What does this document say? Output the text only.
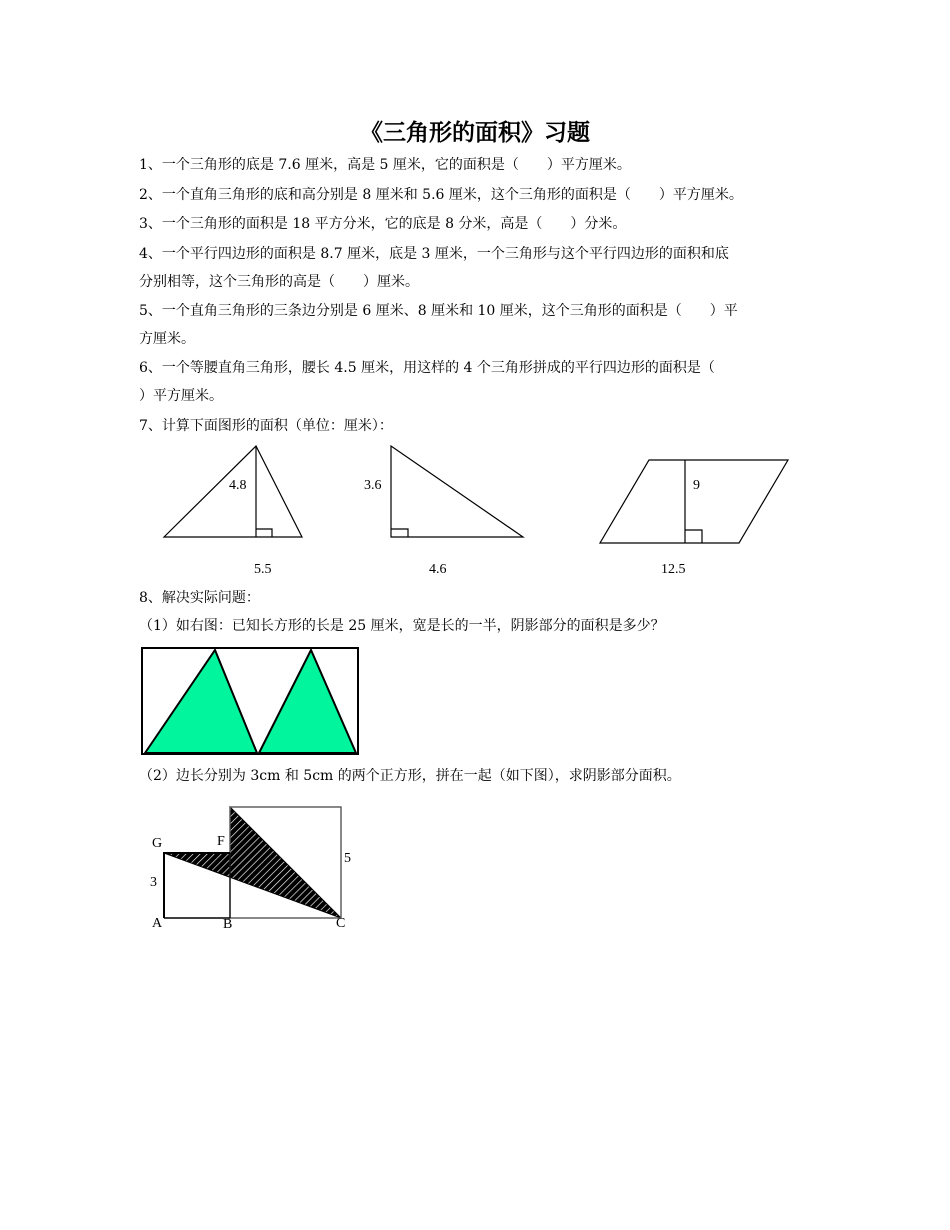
《三角形的面积》习题
1、一个三角形的底是 7.6 厘米，高是 5 厘米，它的面积是（　　）平方厘米。
2、一个直角三角形的底和高分别是 8 厘米和 5.6 厘米，这个三角形的面积是（　　）平方厘米。
3、一个三角形的面积是 18 平方分米，它的底是 8 分米，高是（　　）分米。
4、一个平行四边形的面积是 8.7 厘米，底是 3 厘米，一个三角形与这个平行四边形的面积和底
分别相等，这个三角形的高是（　　）厘米。
5、一个直角三角形的三条边分别是 6 厘米、8 厘米和 10 厘米，这个三角形的面积是（　　）平
方厘米。
6、一个等腰直角三角形，腰长 4.5 厘米，用这样的 4 个三角形拼成的平行四边形的面积是（
）平方厘米。
7、计算下面图形的面积（单位：厘米）：
8、解决实际问题：
（1）如右图：已知长方形的长是 25 厘米，宽是长的一半，阴影部分的面积是多少？
（2）边长分别为 3cm 和 5cm 的两个正方形，拼在一起（如下图），求阴影部分面积。
4.8
5.5
3.6
4.6
9
12.5
G	F
3
5
A	B	C
